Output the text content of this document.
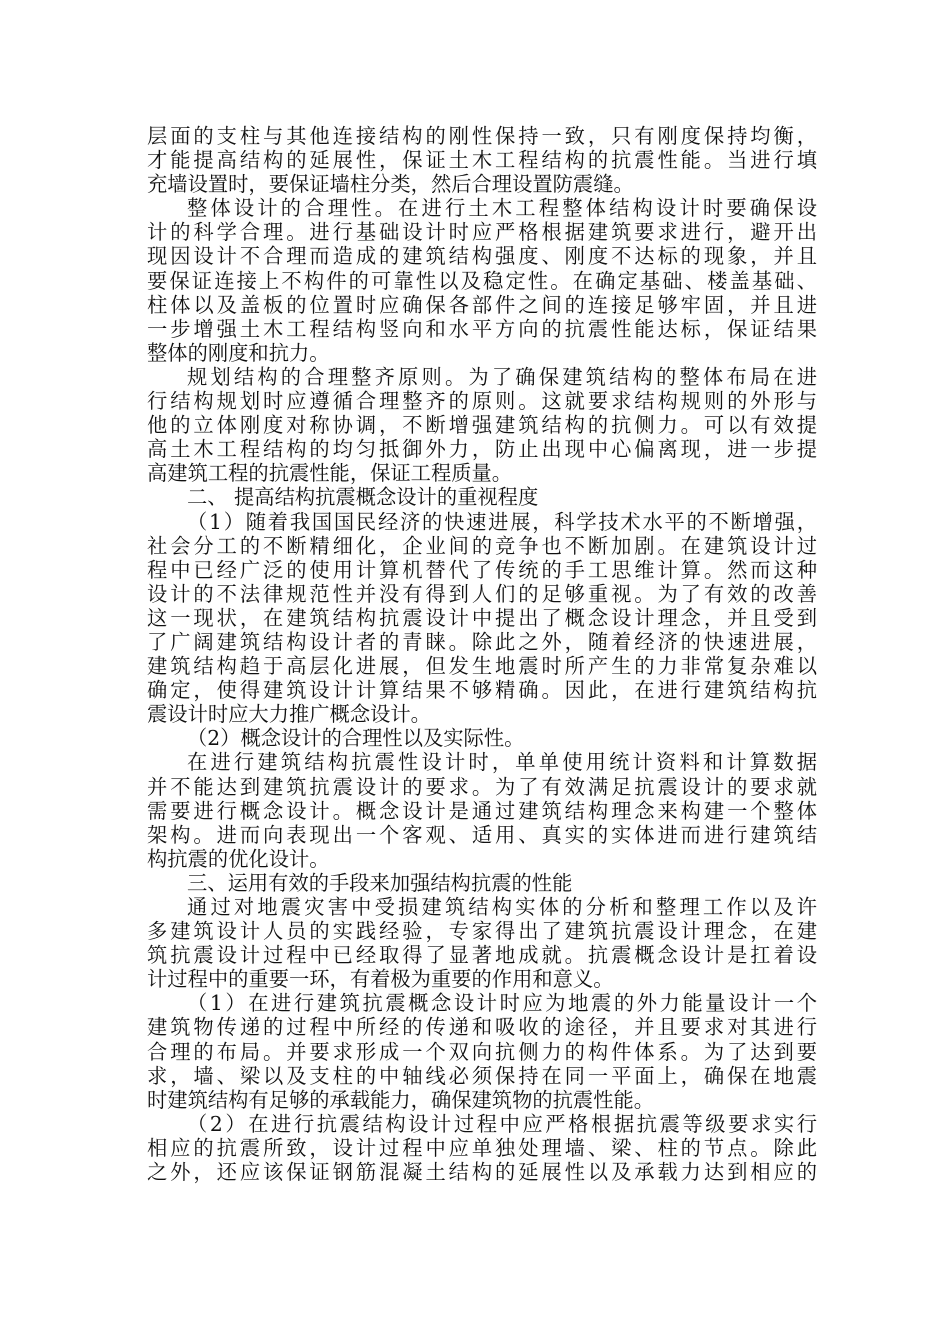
层面的支柱与其他连接结构的刚性保持一致，只有刚度保持均衡，
才能提高结构的延展性，保证土木工程结构的抗震性能。当进行填
充墙设置时，要保证墙柱分类，然后合理设置防震缝。
整体设计的合理性。在进行土木工程整体结构设计时要确保设
计的科学合理。进行基础设计时应严格根据建筑要求进行，避开出
现因设计不合理而造成的建筑结构强度、刚度不达标的现象，并且
要保证连接上不构件的可靠性以及稳定性。在确定基础、楼盖基础、
柱体以及盖板的位置时应确保各部件之间的连接足够牢固，并且进
一步增强土木工程结构竖向和水平方向的抗震性能达标，保证结果
整体的刚度和抗力。
规划结构的合理整齐原则。为了确保建筑结构的整体布局在进
行结构规划时应遵循合理整齐的原则。这就要求结构规则的外形与
他的立体刚度对称协调，不断增强建筑结构的抗侧力。可以有效提
高土木工程结构的均匀抵御外力，防止出现中心偏离现，进一步提
高建筑工程的抗震性能，保证工程质量。
二、 提高结构抗震概念设计的重视程度
（1）随着我国国民经济的快速进展，科学技术水平的不断增强，
社会分工的不断精细化，企业间的竞争也不断加剧。在建筑设计过
程中已经广泛的使用计算机替代了传统的手工思维计算。然而这种
设计的不法律规范性并没有得到人们的足够重视。为了有效的改善
这一现状，在建筑结构抗震设计中提出了概念设计理念，并且受到
了广阔建筑结构设计者的青睐。除此之外，随着经济的快速进展，
建筑结构趋于高层化进展，但发生地震时所产生的力非常复杂难以
确定，使得建筑设计计算结果不够精确。因此，在进行建筑结构抗
震设计时应大力推广概念设计。
（2）概念设计的合理性以及实际性。
在进行建筑结构抗震性设计时，单单使用统计资料和计算数据
并不能达到建筑抗震设计的要求。为了有效满足抗震设计的要求就
需要进行概念设计。概念设计是通过建筑结构理念来构建一个整体
架构。进而向表现出一个客观、适用、真实的实体进而进行建筑结
构抗震的优化设计。
三、运用有效的手段来加强结构抗震的性能
通过对地震灾害中受损建筑结构实体的分析和整理工作以及许
多建筑设计人员的实践经验，专家得出了建筑抗震设计理念，在建
筑抗震设计过程中已经取得了显著地成就。抗震概念设计是扛着设
计过程中的重要一环，有着极为重要的作用和意义。
（1）在进行建筑抗震概念设计时应为地震的外力能量设计一个
建筑物传递的过程中所经的传递和吸收的途径，并且要求对其进行
合理的布局。并要求形成一个双向抗侧力的构件体系。为了达到要
求，墙、梁以及支柱的中轴线必须保持在同一平面上，确保在地震
时建筑结构有足够的承载能力，确保建筑物的抗震性能。
（2）在进行抗震结构设计过程中应严格根据抗震等级要求实行
相应的抗震所致，设计过程中应单独处理墙、梁、柱的节点。除此
之外，还应该保证钢筋混凝土结构的延展性以及承载力达到相应的
